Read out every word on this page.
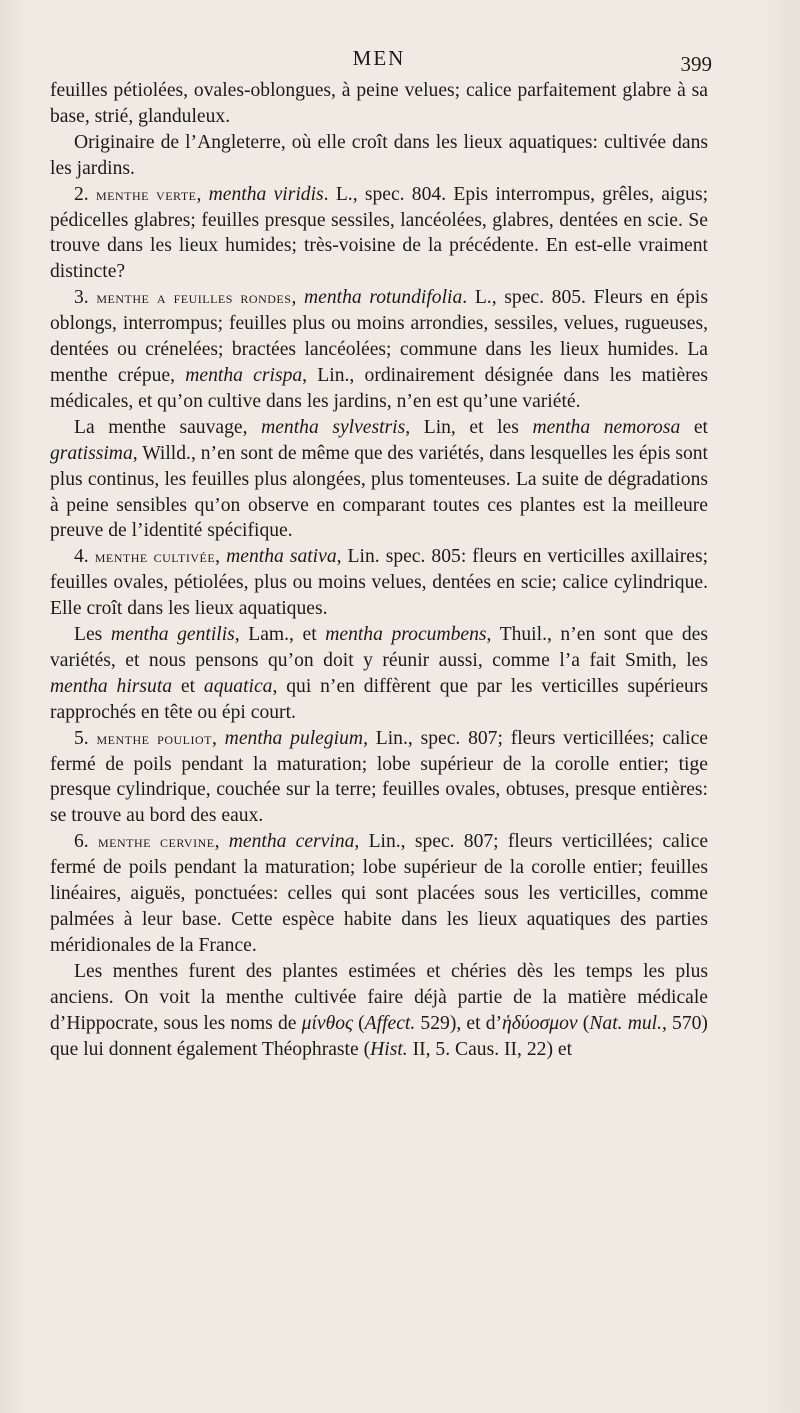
MEN	399

feuilles pétiolées, ovales-oblongues, à peine velues; calice parfaitement glabre à sa base, strié, glanduleux.

Originaire de l’Angleterre, où elle croît dans les lieux aquatiques: cultivée dans les jardins.

2. menthe verte, mentha viridis. L., spec. 804. Epis interrompus, grêles, aigus; pédicelles glabres; feuilles presque sessiles, lancéolées, glabres, dentées en scie. Se trouve dans les lieux humides; très-voisine de la précédente. En est-elle vraiment distincte?

3. menthe a feuilles rondes, mentha rotundifolia. L., spec. 805. Fleurs en épis oblongs, interrompus; feuilles plus ou moins arrondies, sessiles, velues, rugueuses, dentées ou crénelées; bractées lancéolées; commune dans les lieux humides. La menthe crépue, mentha crispa, Lin., ordinairement désignée dans les matières médicales, et qu’on cultive dans les jardins, n’en est qu’une variété.

La menthe sauvage, mentha sylvestris, Lin, et les mentha nemorosa et gratissima, Willd., n’en sont de même que des variétés, dans lesquelles les épis sont plus continus, les feuilles plus alongées, plus tomenteuses. La suite de dégradations à peine sensibles qu’on observe en comparant toutes ces plantes est la meilleure preuve de l’identité spécifique.

4. menthe cultivée, mentha sativa, Lin. spec. 805: fleurs en verticilles axillaires; feuilles ovales, pétiolées, plus ou moins velues, dentées en scie; calice cylindrique. Elle croît dans les lieux aquatiques.

Les mentha gentilis, Lam., et mentha procumbens, Thuil., n’en sont que des variétés, et nous pensons qu’on doit y réunir aussi, comme l’a fait Smith, les mentha hirsuta et aquatica, qui n’en diffèrent que par les verticilles supérieurs rapprochés en tête ou épi court.

5. menthe pouliot, mentha pulegium, Lin., spec. 807; fleurs verticillées; calice fermé de poils pendant la maturation; lobe supérieur de la corolle entier; tige presque cylindrique, couchée sur la terre; feuilles ovales, obtuses, presque entières: se trouve au bord des eaux.

6. menthe cervine, mentha cervina, Lin., spec. 807; fleurs verticillées; calice fermé de poils pendant la maturation; lobe supérieur de la corolle entier; feuilles linéaires, aiguës, ponctuées: celles qui sont placées sous les verticilles, comme palmées à leur base. Cette espèce habite dans les lieux aquatiques des parties méridionales de la France.

Les menthes furent des plantes estimées et chéries dès les temps les plus anciens. On voit la menthe cultivée faire déjà partie de la matière médicale d’Hippocrate, sous les noms de μίνθος (Affect. 529), et d’ἡδύοσμον (Nat. mul., 570) que lui donnent également Théophraste (Hist. II, 5. Caus. II, 22) et
